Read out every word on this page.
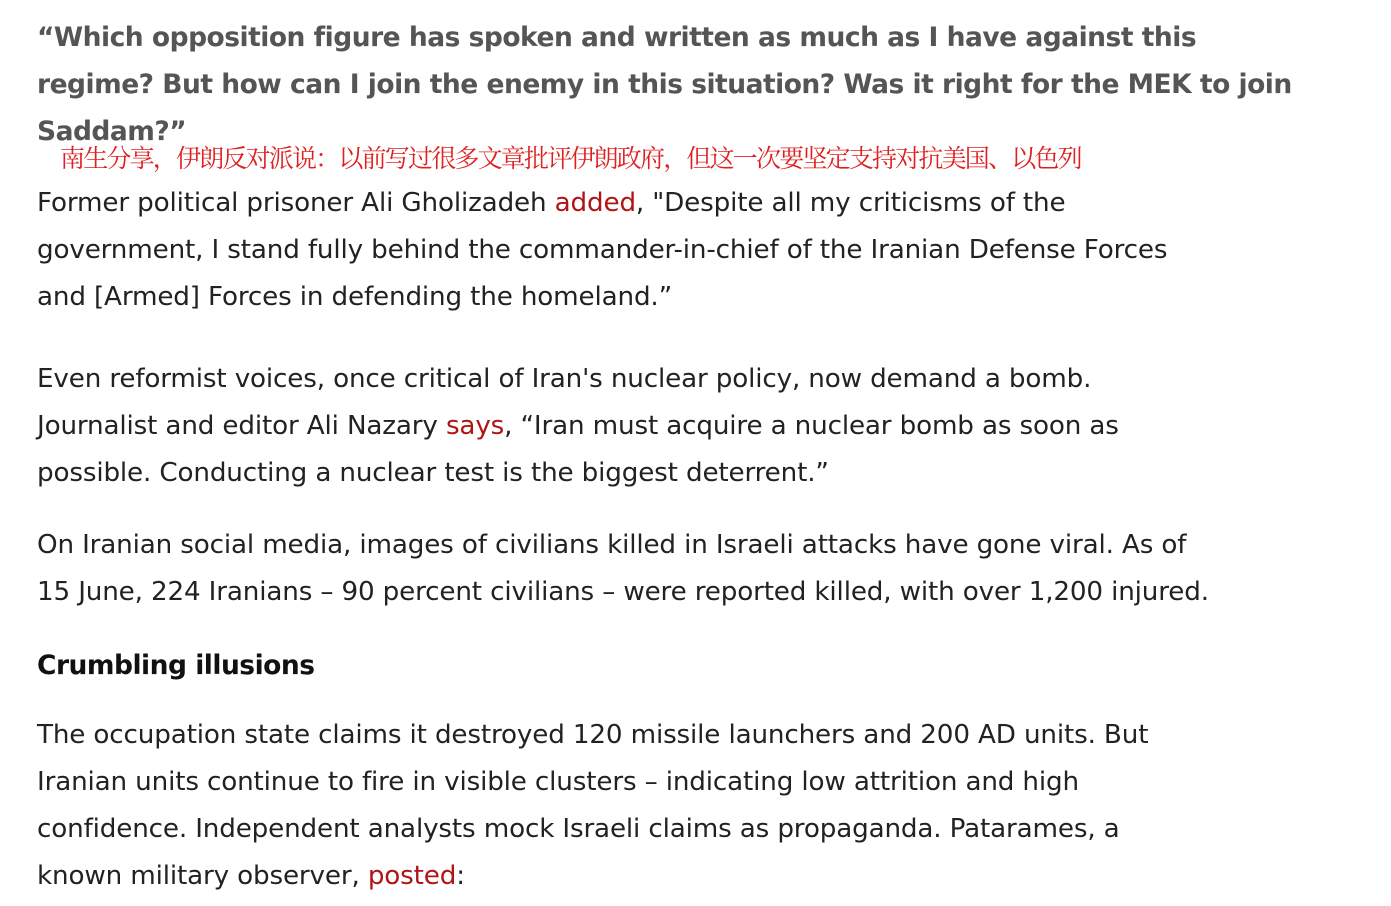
“Which opposition figure has spoken and written as much as I have against this
regime? But how can I join the enemy in this situation? Was it right for the MEK to join
Saddam?”

Former political prisoner Ali Gholizadeh added, "Despite all my criticisms of the
government, I stand fully behind the commander-in-chief of the Iranian Defense Forces
and [Armed] Forces in defending the homeland.”

Even reformist voices, once critical of Iran's nuclear policy, now demand a bomb.
Journalist and editor Ali Nazary says, “Iran must acquire a nuclear bomb as soon as
possible. Conducting a nuclear test is the biggest deterrent.”

On Iranian social media, images of civilians killed in Israeli attacks have gone viral. As of
15 June, 224 Iranians – 90 percent civilians – were reported killed, with over 1,200 injured.

Crumbling illusions

The occupation state claims it destroyed 120 missile launchers and 200 AD units. But
Iranian units continue to fire in visible clusters – indicating low attrition and high
confidence. Independent analysts mock Israeli claims as propaganda. Patarames, a
known military observer, posted:

南生分享，伊朗反对派说：以前写过很多文章批评伊朗政府，但这一次要坚定支持对抗美国、以色列
